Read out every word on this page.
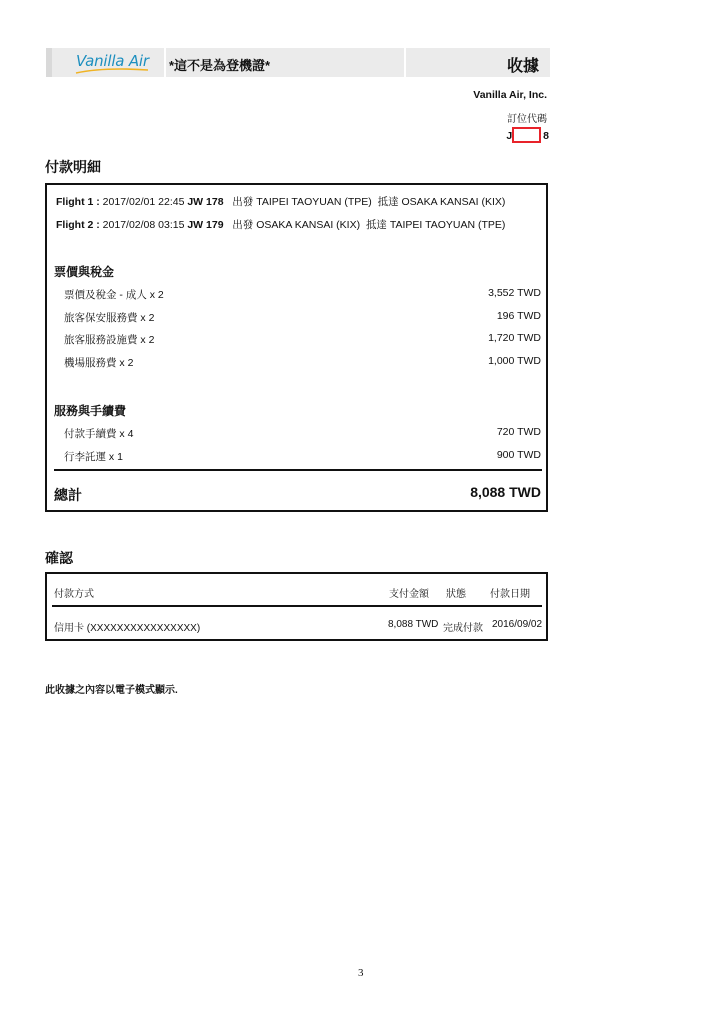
Vanilla Air *這不是為登機證*	收據
Vanilla Air, Inc.
訂位代碼
J	8
付款明細
Flight 1 : 2017/02/01 22:45 JW 178 出發 TAIPEI TAOYUAN (TPE) 抵達 OSAKA KANSAI (KIX)
Flight 2 : 2017/02/08 03:15 JW 179 出發 OSAKA KANSAI (KIX) 抵達 TAIPEI TAOYUAN (TPE)
票價與稅金
票價及稅金 - 成人 x 2	3,552 TWD
旅客保安服務費 x 2	196 TWD
旅客服務設施費 x 2	1,720 TWD
機場服務費 x 2	1,000 TWD
服務與手續費
付款手續費 x 4	720 TWD
行李託運 x 1	900 TWD
總計	8,088 TWD
確認
付款方式	支付金額 狀態 付款日期
信用卡 (XXXXXXXXXXXXXXXX)	8,088 TWD 完成付款 2016/09/02
此收據之內容以電子模式顯示.
3
